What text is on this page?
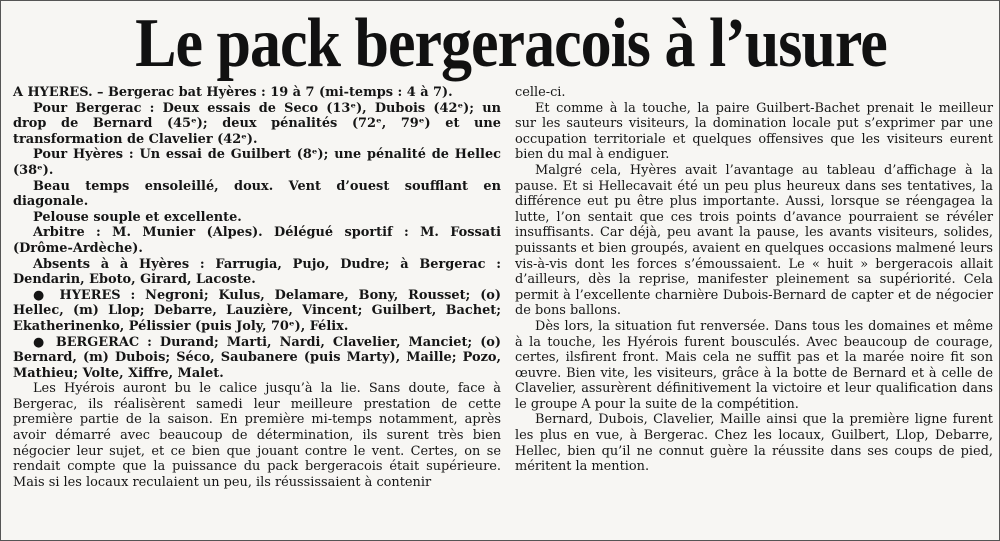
Le pack bergeracois à l’usure

A HYERES. – Bergerac bat Hyères : 19 à 7 (mi-temps : 4 à 7).

Pour Bergerac : Deux essais de Seco (13ᵉ), Dubois (42ᵉ); un drop de Bernard (45ᵉ); deux pénalités (72ᵉ, 79ᵉ) et une transformation de Clavelier (42ᵉ).

Pour Hyères : Un essai de Guilbert (8ᵉ); une pénalité de Hellec (38ᵉ).

Beau temps ensoleillé, doux. Vent d’ouest soufflant en diagonale.

Pelouse souple et excellente.

Arbitre : M. Munier (Alpes). Délégué sportif : M. Fossati (Drôme-Ardèche).

Absents à à Hyères : Farrugia, Pujo, Dudre; à Bergerac : Dendarin, Eboto, Girard, Lacoste.

● HYERES : Negroni; Kulus, Delamare, Bony, Rousset; (o) Hellec, (m) Llop; Debarre, Lauzière, Vincent; Guilbert, Bachet; Ekatherinenko, Pélissier (puis Joly, 70ᵉ), Félix.

● BERGERAC : Durand; Marti, Nardi, Clavelier, Manciet; (o) Bernard, (m) Dubois; Séco, Saubanere (puis Marty), Maille; Pozo, Mathieu; Volte, Xiffre, Malet.

Les Hyérois auront bu le calice jusqu’à la lie. Sans doute, face à Bergerac, ils réalisèrent samedi leur meilleure prestation de cette première partie de la saison. En première mi-temps notamment, après avoir démarré avec beaucoup de détermination, ils surent très bien négocier leur sujet, et ce bien que jouant contre le vent. Certes, on se rendait compte que la puissance du pack bergeracois était supérieure. Mais si les locaux reculaient un peu, ils réussissaient à contenir

celle-ci.

Et comme à la touche, la paire Guilbert-Bachet prenait le meilleur sur les sauteurs visiteurs, la domination locale put s’exprimer par une occupation territoriale et quelques offensives que les visiteurs eurent bien du mal à endiguer.

Malgré cela, Hyères avait l’avantage au tableau d’affichage à la pause. Et si Hellecavait été un peu plus heureux dans ses tentatives, la différence eut pu être plus importante. Aussi, lorsque se réengagea la lutte, l’on sentait que ces trois points d’avance pourraient se révéler insuffisants. Car déjà, peu avant la pause, les avants visiteurs, solides, puissants et bien groupés, avaient en quelques occasions malmené leurs vis-à-vis dont les forces s’émoussaient. Le « huit » bergeracois allait d’ailleurs, dès la reprise, manifester pleinement sa supériorité. Cela permit à l’excellente charnière Dubois-Bernard de capter et de négocier de bons ballons.

Dès lors, la situation fut renversée. Dans tous les domaines et même à la touche, les Hyérois furent bousculés. Avec beaucoup de courage, certes, ilsfirent front. Mais cela ne suffit pas et la marée noire fit son œuvre. Bien vite, les visiteurs, grâce à la botte de Bernard et à celle de Clavelier, assurèrent définitivement la victoire et leur qualification dans le groupe A pour la suite de la compétition.

Bernard, Dubois, Clavelier, Maille ainsi que la première ligne furent les plus en vue, à Bergerac. Chez les locaux, Guilbert, Llop, Debarre, Hellec, bien qu’il ne connut guère la réussite dans ses coups de pied, méritent la mention.
